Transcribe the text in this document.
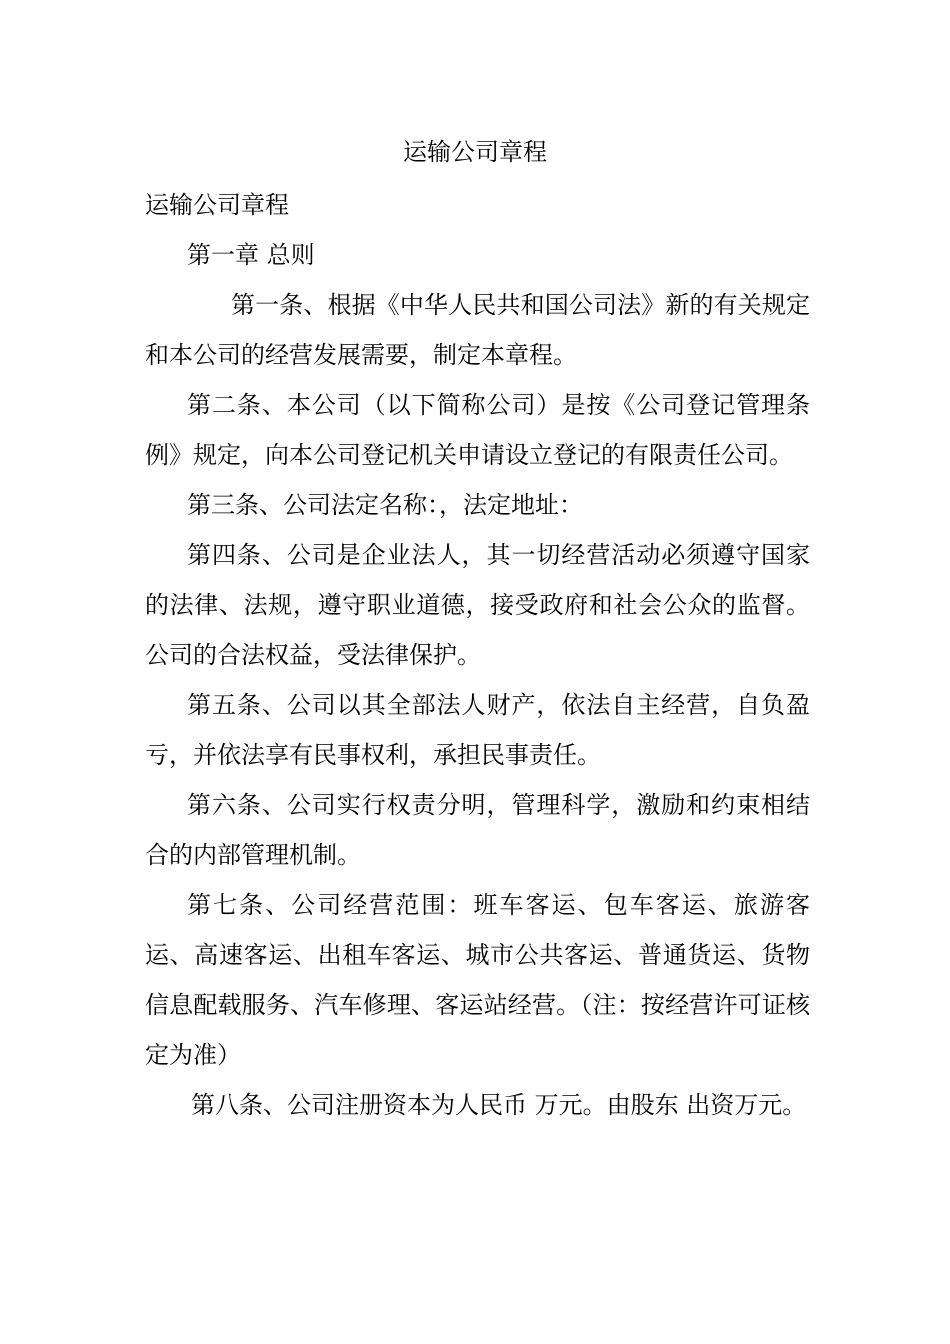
运输公司章程

运输公司章程

第一章 总则

第一条、根据《中华人民共和国公司法》新的有关规定和本公司的经营发展需要，制定本章程。

第二条、本公司（以下简称公司）是按《公司登记管理条例》规定，向本公司登记机关申请设立登记的有限责任公司。

第三条、公司法定名称：，法定地址：

第四条、公司是企业法人，其一切经营活动必须遵守国家的法律、法规，遵守职业道德，接受政府和社会公众的监督。公司的合法权益，受法律保护。

第五条、公司以其全部法人财产，依法自主经营，自负盈亏，并依法享有民事权利，承担民事责任。

第六条、公司实行权责分明，管理科学，激励和约束相结合的内部管理机制。

第七条、公司经营范围：班车客运、包车客运、旅游客运、高速客运、出租车客运、城市公共客运、普通货运、货物信息配载服务、汽车修理、客运站经营。（注：按经营许可证核定为准）

第八条、公司注册资本为人民币 万元。由股东 出资万元。
